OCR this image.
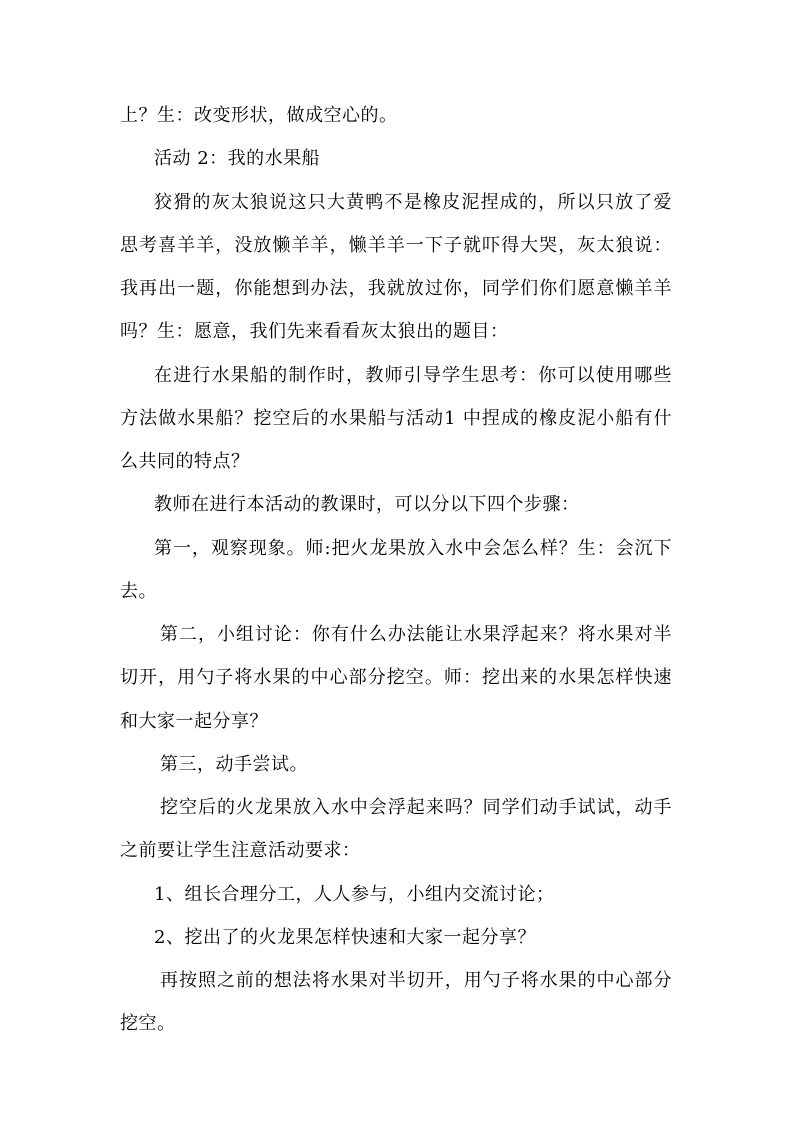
上？生：改变形状，做成空心的。
活动 2：我的水果船
狡猾的灰太狼说这只大黄鸭不是橡皮泥捏成的，所以只放了爱
思考喜羊羊，没放懒羊羊，懒羊羊一下子就吓得大哭，灰太狼说：
我再出一题，你能想到办法，我就放过你，同学们你们愿意懒羊羊
吗？生：愿意，我们先来看看灰太狼出的题目：
在进行水果船的制作时，教师引导学生思考：你可以使用哪些
方法做水果船？挖空后的水果船与活动1 中捏成的橡皮泥小船有什
么共同的特点？
教师在进行本活动的教课时，可以分以下四个步骤：
第一，观察现象。师:把火龙果放入水中会怎么样？生：会沉下
去。
第二，小组讨论：你有什么办法能让水果浮起来？将水果对半
切开，用勺子将水果的中心部分挖空。师：挖出来的水果怎样快速
和大家一起分享？
第三，动手尝试。
挖空后的火龙果放入水中会浮起来吗？同学们动手试试，动手
之前要让学生注意活动要求：
1、组长合理分工，人人参与，小组内交流讨论；
2、挖出了的火龙果怎样快速和大家一起分享？
再按照之前的想法将水果对半切开，用勺子将水果的中心部分
挖空。
